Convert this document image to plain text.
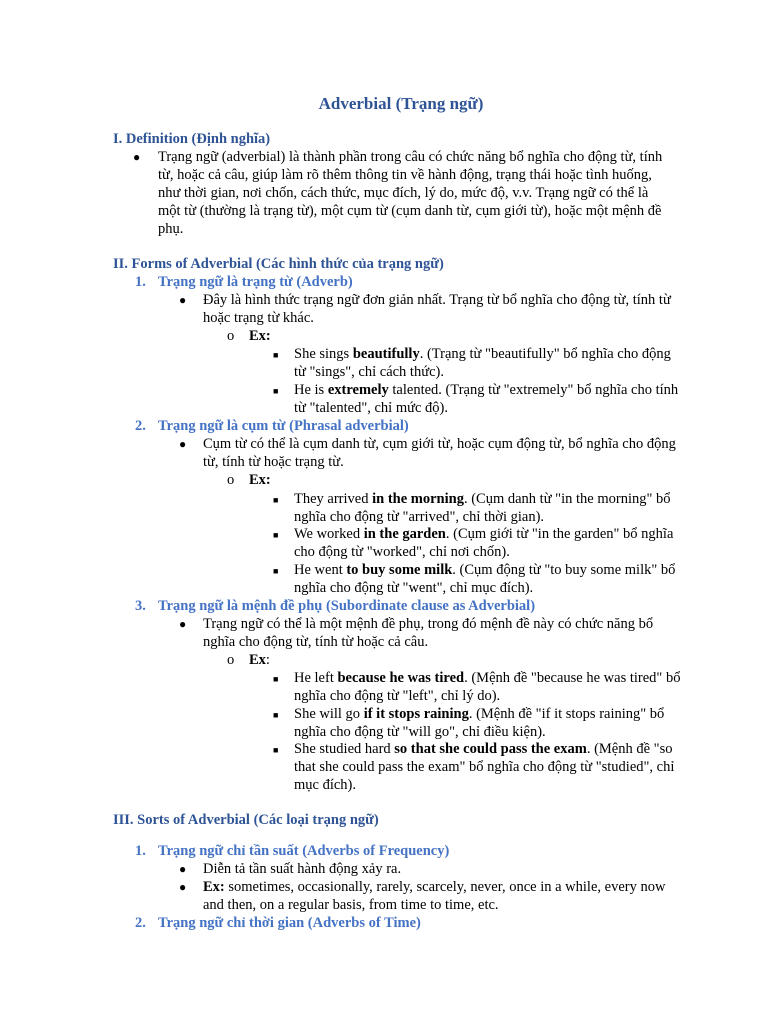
Adverbial (Trạng ngữ)
I. Definition (Định nghĩa)
● Trạng ngữ (adverbial) là thành phần trong câu có chức năng bổ nghĩa cho động từ, tính từ, hoặc cả câu, giúp làm rõ thêm thông tin về hành động, trạng thái hoặc tình huống, như thời gian, nơi chốn, cách thức, mục đích, lý do, mức độ, v.v. Trạng ngữ có thể là một từ (thường là trạng từ), một cụm từ (cụm danh từ, cụm giới từ), hoặc một mệnh đề phụ.
II. Forms of Adverbial (Các hình thức của trạng ngữ)
1. Trạng ngữ là trạng từ (Adverb)
● Đây là hình thức trạng ngữ đơn giản nhất. Trạng từ bổ nghĩa cho động từ, tính từ hoặc trạng từ khác.
o Ex:
■ She sings beautifully. (Trạng từ "beautifully" bổ nghĩa cho động từ "sings", chỉ cách thức).
■ He is extremely talented. (Trạng từ "extremely" bổ nghĩa cho tính từ "talented", chỉ mức độ).
2. Trạng ngữ là cụm từ (Phrasal adverbial)
● Cụm từ có thể là cụm danh từ, cụm giới từ, hoặc cụm động từ, bổ nghĩa cho động từ, tính từ hoặc trạng từ.
o Ex:
■ They arrived in the morning. (Cụm danh từ "in the morning" bổ nghĩa cho động từ "arrived", chỉ thời gian).
■ We worked in the garden. (Cụm giới từ "in the garden" bổ nghĩa cho động từ "worked", chỉ nơi chốn).
■ He went to buy some milk. (Cụm động từ "to buy some milk" bổ nghĩa cho động từ "went", chỉ mục đích).
3. Trạng ngữ là mệnh đề phụ (Subordinate clause as Adverbial)
● Trạng ngữ có thể là một mệnh đề phụ, trong đó mệnh đề này có chức năng bổ nghĩa cho động từ, tính từ hoặc cả câu.
o Ex:
■ He left because he was tired. (Mệnh đề "because he was tired" bổ nghĩa cho động từ "left", chỉ lý do).
■ She will go if it stops raining. (Mệnh đề "if it stops raining" bổ nghĩa cho động từ "will go", chỉ điều kiện).
■ She studied hard so that she could pass the exam. (Mệnh đề "so that she could pass the exam" bổ nghĩa cho động từ "studied", chỉ mục đích).
III. Sorts of Adverbial (Các loại trạng ngữ)
1. Trạng ngữ chỉ tần suất (Adverbs of Frequency)
● Diễn tả tần suất hành động xảy ra.
● Ex: sometimes, occasionally, rarely, scarcely, never, once in a while, every now and then, on a regular basis, from time to time, etc.
2. Trạng ngữ chỉ thời gian (Adverbs of Time)
